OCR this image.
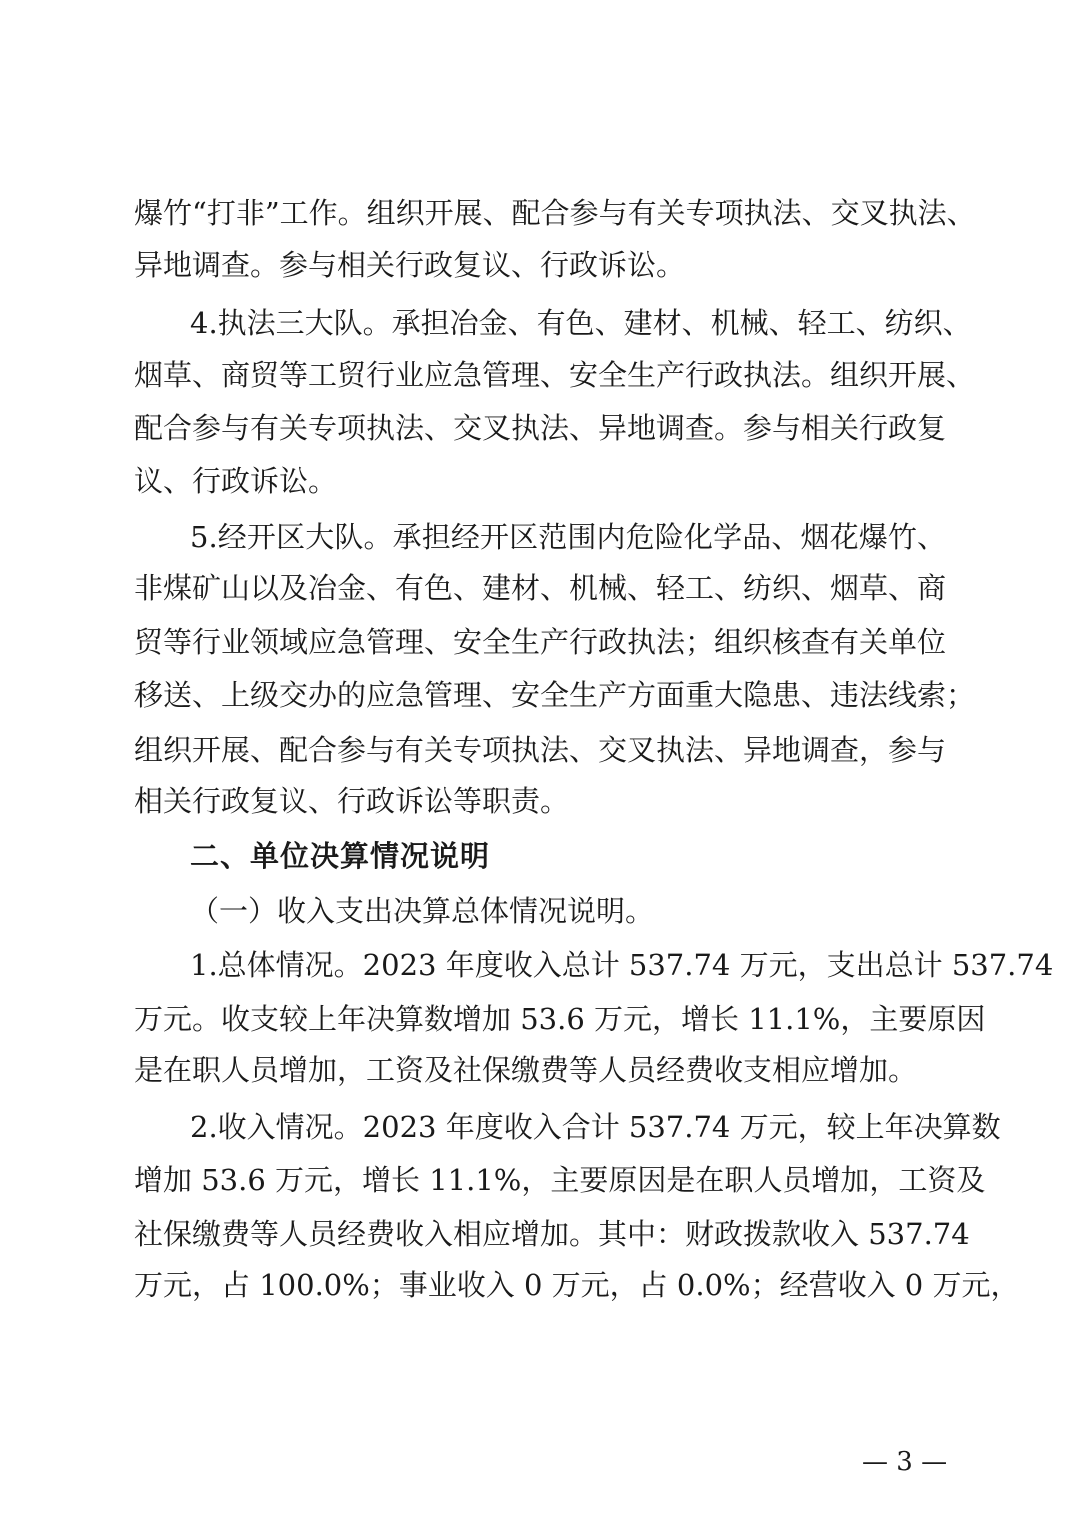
爆竹“打非”工作。组织开展、配合参与有关专项执法、交叉执法、
异地调查。参与相关行政复议、行政诉讼。
4.执法三大队。承担冶金、有色、建材、机械、轻工、纺织、
烟草、商贸等工贸行业应急管理、安全生产行政执法。组织开展、
配合参与有关专项执法、交叉执法、异地调查。参与相关行政复
议、行政诉讼。
5.经开区大队。承担经开区范围内危险化学品、烟花爆竹、
非煤矿山以及冶金、有色、建材、机械、轻工、纺织、烟草、商
贸等行业领域应急管理、安全生产行政执法；组织核查有关单位
移送、上级交办的应急管理、安全生产方面重大隐患、违法线索；
组织开展、配合参与有关专项执法、交叉执法、异地调查，参与
相关行政复议、行政诉讼等职责。
二、单位决算情况说明
（一）收入支出决算总体情况说明。
1.总体情况。2023 年度收入总计 537.74 万元，支出总计 537.74
万元。收支较上年决算数增加 53.6 万元，增长 11.1%，主要原因
是在职人员增加，工资及社保缴费等人员经费收支相应增加。
2.收入情况。2023 年度收入合计 537.74 万元，较上年决算数
增加 53.6 万元，增长 11.1%，主要原因是在职人员增加，工资及
社保缴费等人员经费收入相应增加。其中：财政拨款收入 537.74
万元，占 100.0%；事业收入 0 万元，占 0.0%；经营收入 0 万元，
— 3 —
